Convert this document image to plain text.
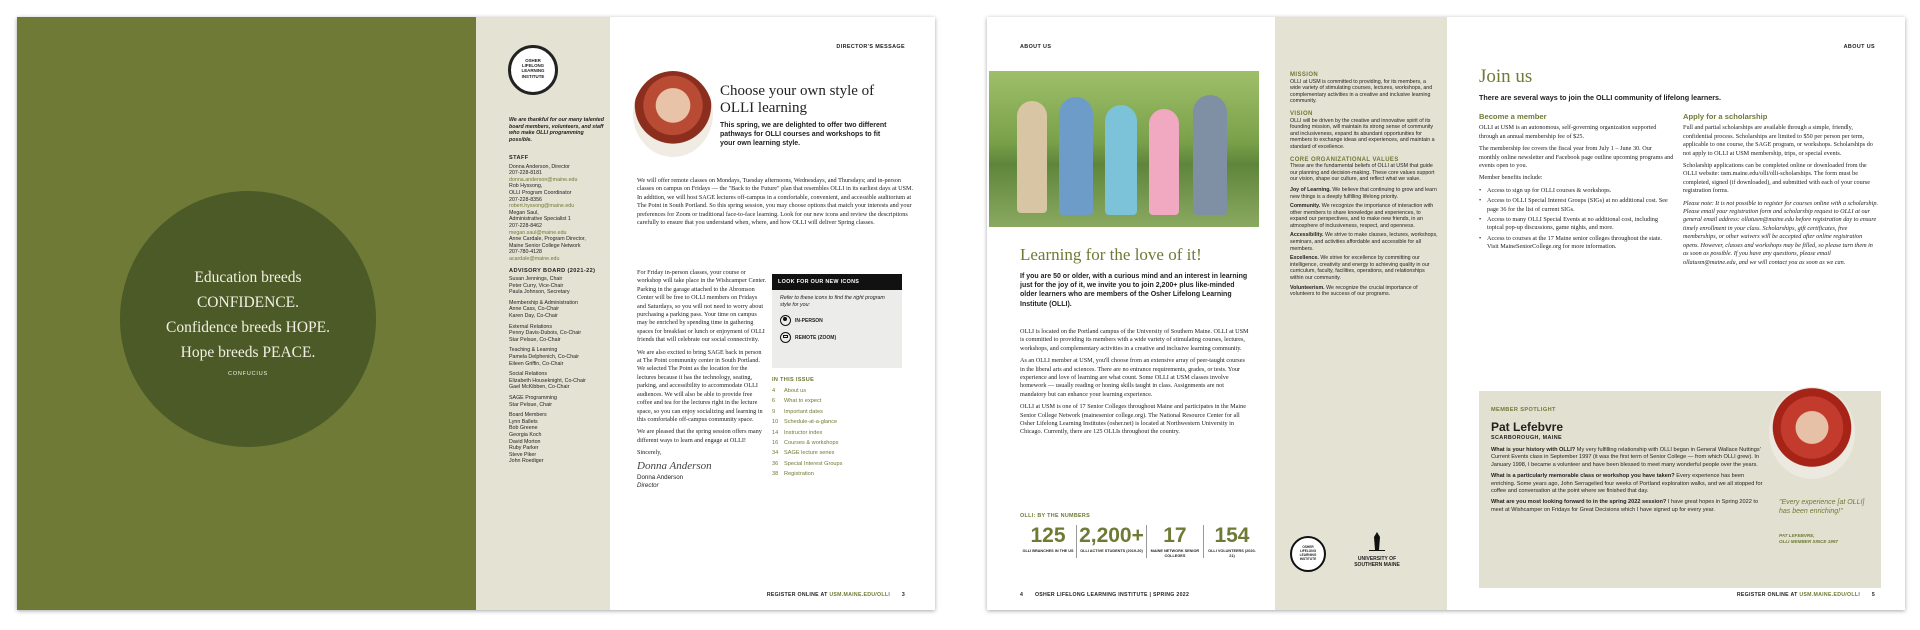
Education breeds
CONFIDENCE.
Confidence breeds HOPE.
Hope breeds PEACE.
CONFUCIUS
OSHER
LIFELONG
LEARNING
INSTITUTE
We are thankful for our many talented board members, volunteers, and staff who make OLLI programming possible.
STAFF
Donna Anderson, Director
207-228-8181
donna.anderson@maine.edu
Rob Hyssong,
OLLI Program Coordinator
207-228-8356
robert.hyssong@maine.edu
Megan Saul,
Administrative Specialist 1
207-228-8462
megan.saul@maine.edu
Anne Cardale, Program Director,
Maine Senior College Network
207-780-4128
acardale@maine.edu
ADVISORY BOARD (2021-22)
Susan Jennings, Chair
Peter Curry, Vice-Chair
Paula Johnson, Secretary
Membership & Administration
Anne Cass, Co-Chair
Karen Day, Co-Chair
External Relations
Penny Davis-Dubois, Co-Chair
Star Pelsue, Co-Chair
Teaching & Learning
Pamela Delphenich, Co-Chair
Eileen Griffin, Co-Chair
Social Relations
Elizabeth Houseknight, Co-Chair
Gael McKibben, Co-Chair
SAGE Programming
Star Pelsue, Chair
Board Members
Lynn Ballets
Bob Greene
Georgia Koch
David Morton
Ruby Parker
Steve Piker
John Roediger
DIRECTOR'S MESSAGE
Choose your own style of OLLI learning
This spring, we are delighted to offer two different pathways for OLLI courses and workshops to fit your own learning style.
We will offer remote classes on Mondays, Tuesday afternoons, Wednesdays, and Thursdays; and in-person classes on campus on Fridays — the "Back to the Future" plan that resembles OLLI in its earliest days at USM. In addition, we will host SAGE lectures off-campus in a comfortable, convenient, and accessible auditorium at The Point in South Portland. So this spring session, you may choose options that match your interests and your preferences for Zoom or traditional face-to-face learning. Look for our new icons and review the descriptions carefully to ensure that you understand when, where, and how OLLI will deliver Spring classes.
For Friday in-person classes, your course or workshop will take place in the Wishcamper Center. Parking in the garage attached to the Abromson Center will be free to OLLI members on Fridays and Saturdays, so you will not need to worry about purchasing a parking pass. Your time on campus may be enriched by spending time in gathering spaces for breakfast or lunch or enjoyment of OLLI friends that will celebrate our social connectivity.
We are also excited to bring SAGE back in person at The Point community center in South Portland. We selected The Point as the location for the lectures because it has the technology, seating, parking, and accessibility to accommodate OLLI audiences. We will also be able to provide free coffee and tea for the lectures right in the lecture space, so you can enjoy socializing and learning in this comfortable off-campus community space.
We are pleased that the spring session offers many different ways to learn and engage at OLLI!
Sincerely,
Donna Anderson
Donna Anderson
Director
LOOK FOR OUR NEW ICONS
Refer to these icons to find the right program style for you:
IN-PERSON
REMOTE (ZOOM)
IN THIS ISSUE
4	About us
6	What to expect
9	Important dates
10	Schedule-at-a-glance
14	Instructor index
16	Courses & workshops
34	SAGE lecture series
36	Special Interest Groups
38	Registration
REGISTER ONLINE AT USM.MAINE.EDU/OLLI 3
ABOUT US
Learning for the love of it!
If you are 50 or older, with a curious mind and an interest in learning just for the joy of it, we invite you to join 2,200+ plus like-minded older learners who are members of the Osher Lifelong Learning Institute (OLLI).
OLLI is located on the Portland campus of the University of Southern Maine. OLLI at USM is committed to providing its members with a wide variety of stimulating courses, lectures, workshops, and complementary activities in a creative and inclusive learning community.
As an OLLI member at USM, you'll choose from an extensive array of peer-taught courses in the liberal arts and sciences. There are no entrance requirements, grades, or tests. Your experience and love of learning are what count. Some OLLI at USM classes involve homework — usually reading or honing skills taught in class. Assignments are not mandatory but can enhance your learning experience.
OLLI at USM is one of 17 Senior Colleges throughout Maine and participates in the Maine Senior College Network (mainesenior college.org). The National Resource Center for all Osher Lifelong Learning Institutes (osher.net) is located at Northwestern University in Chicago. Currently, there are 125 OLLIs throughout the country.
OLLI: BY THE NUMBERS
125
OLLI BRANCHES IN THE US
2,200+
OLLI ACTIVE STUDENTS (2019-20)
17
MAINE NETWORK SENIOR COLLEGES
154
OLLI VOLUNTEERS (2020-21)
4 OSHER LIFELONG LEARNING INSTITUTE | SPRING 2022
MISSION
OLLI at USM is committed to providing, for its members, a wide variety of stimulating courses, lectures, workshops, and complementary activities in a creative and inclusive learning community.
VISION
OLLI will be driven by the creative and innovative spirit of its founding mission, will maintain its strong sense of community and inclusiveness, expand its abundant opportunities for members to exchange ideas and experiences, and maintain a standard of excellence.
CORE ORGANIZATIONAL VALUES
These are the fundamental beliefs of OLLI at USM that guide our planning and decision-making. These core values support our vision, shape our culture, and reflect what we value.
Joy of Learning. We believe that continuing to grow and learn new things is a deeply fulfilling lifelong priority.
Community. We recognize the importance of interaction with other members to share knowledge and experiences, to expand our perspectives, and to make new friends, in an atmosphere of inclusiveness, respect, and openness.
Accessibility. We strive to make classes, lectures, workshops, seminars, and activities affordable and accessible for all members.
Excellence. We strive for excellence by committing our intelligence, creativity and energy to achieving quality in our curriculum, faculty, facilities, operations, and relationships within our community.
Volunteerism. We recognize the crucial importance of volunteers to the success of our programs.
OSHER
LIFELONG
LEARNING
INSTITUTE	UNIVERSITY OF SOUTHERN MAINE
ABOUT US
Join us
There are several ways to join the OLLI community of lifelong learners.
Become a member
OLLI at USM is an autonomous, self-governing organization supported through an annual membership fee of $25.
The membership fee covers the fiscal year from July 1 – June 30. Our monthly online newsletter and Facebook page outline upcoming programs and events open to you.
Member benefits include:
• Access to sign up for OLLI courses & workshops.
• Access to OLLI Special Interest Groups (SIGs) at no additional cost. See page 36 for the list of current SIGs.
• Access to many OLLI Special Events at no additional cost, including topical pop-up discussions, game nights, and more.
• Access to courses at the 17 Maine senior colleges throughout the state. Visit MaineSeniorCollege.org for more information.
Apply for a scholarship
Full and partial scholarships are available through a simple, friendly, confidential process. Scholarships are limited to $50 per person per term, applicable to one course, the SAGE program, or workshops. Scholarships do not apply to OLLI at USM membership, trips, or special events.
Scholarship applications can be completed online or downloaded from the OLLI website: usm.maine.edu/olli/olli-scholarships. The form must be completed, signed (if downloaded), and submitted with each of your course registration forms.
Please note: It is not possible to register for courses online with a scholarship. Please email your registration form and scholarship request to OLLI at our general email address: ollatusm@maine.edu before registration day to ensure timely enrollment in your class. Scholarships, gift certificates, free memberships, or other waivers will be accepted after online registration opens. However, classes and workshops may be filled, so please turn them in as soon as possible. If you have any questions, please email ollatusm@maine.edu, and we will contact you as soon as we can.
MEMBER SPOTLIGHT
Pat Lefebvre
SCARBOROUGH, MAINE
What is your history with OLLI? My very fulfilling relationship with OLLI began in General Wallace Nuttings' Current Events class in September 1997 (it was the first term of Senior College — from which OLLI grew). In January 1998, I became a volunteer and have been blessed to meet many wonderful people over the years.
What is a particularly memorable class or workshop you have taken? Every experience has been enriching. Some years ago, John Serragelied four weeks of Portland exploration walks, and we all stopped for coffee and conversation at the point where we finished that day.
What are you most looking forward to in the spring 2022 session? I have great hopes in Spring 2022 to meet at Wishcamper on Fridays for Great Decisions which I have signed up for every year.
"Every experience [at OLLI] has been enriching!"
PAT LEFEBVRE,
OLLI MEMBER SINCE 1997
REGISTER ONLINE AT USM.MAINE.EDU/OLLI 5
